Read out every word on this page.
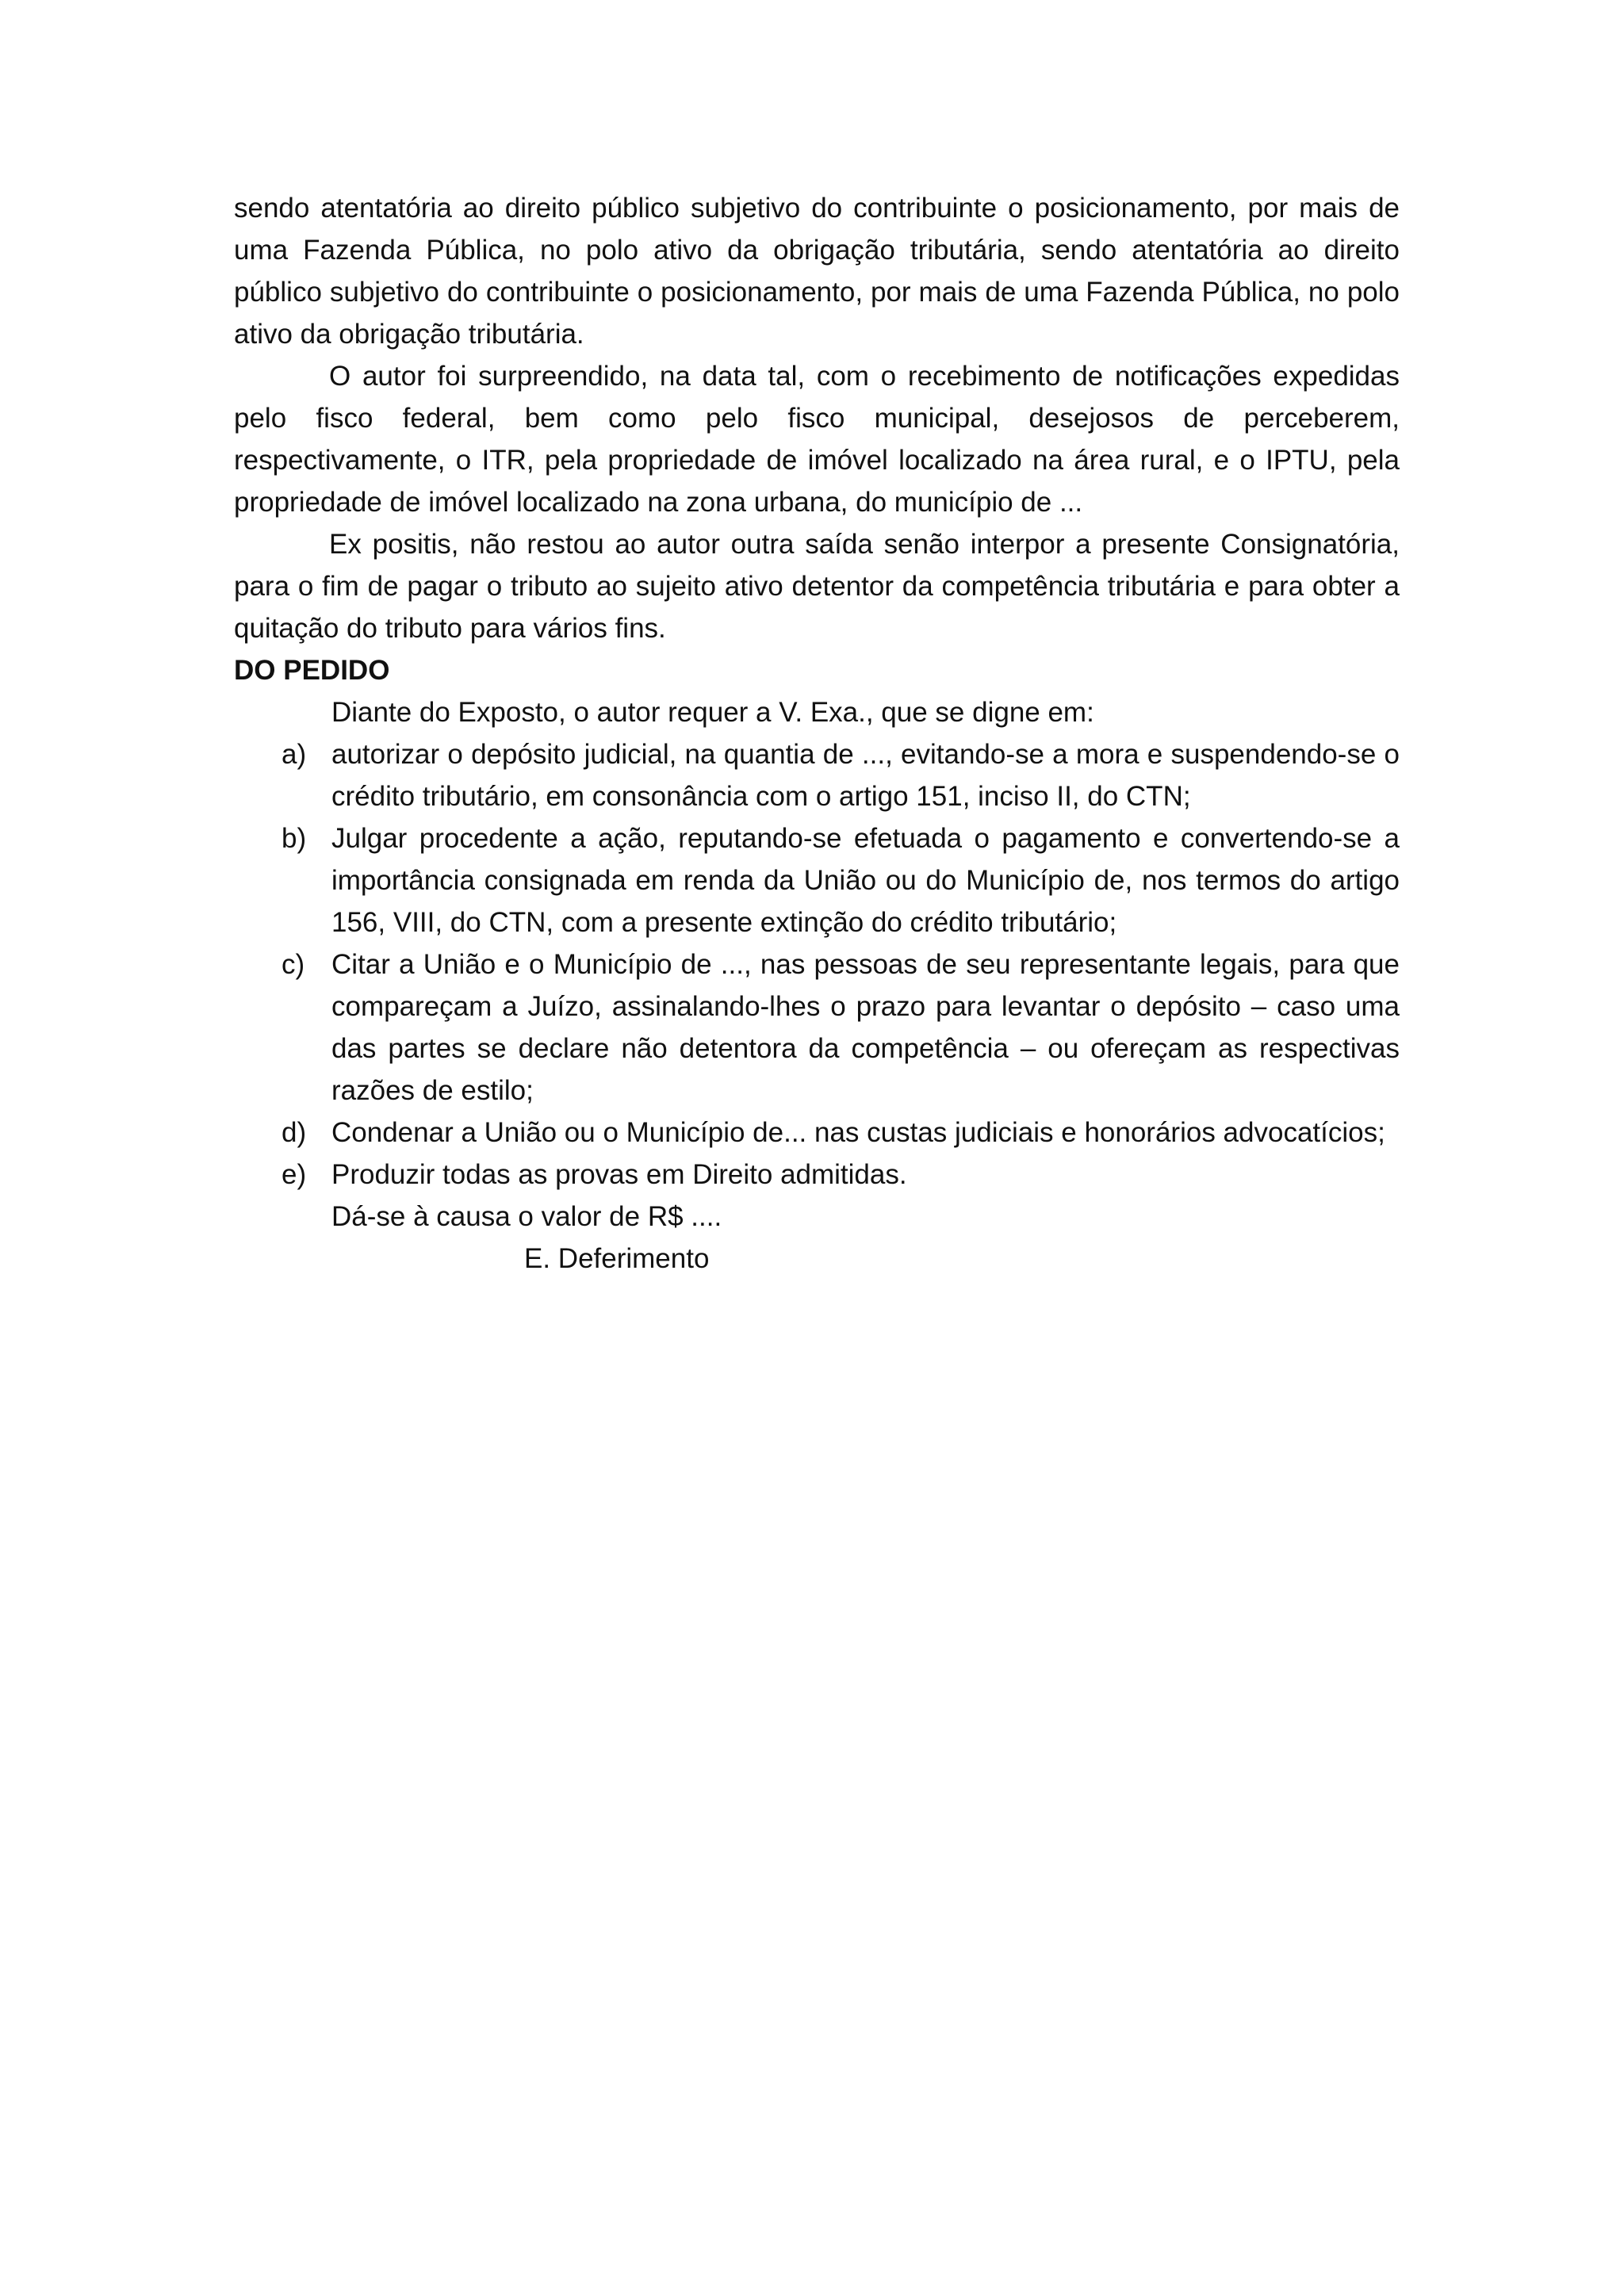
sendo atentatória ao direito público subjetivo do contribuinte o posicionamento, por mais de uma Fazenda Pública, no polo ativo da obrigação tributária, sendo atentatória ao direito público subjetivo do contribuinte o posicionamento, por mais de uma Fazenda Pública, no polo ativo da obrigação tributária.

O autor foi surpreendido, na data tal, com o recebimento de notificações expedidas pelo fisco federal, bem como pelo fisco municipal, desejosos de perceberem, respectivamente, o ITR, pela propriedade de imóvel localizado na área rural, e o IPTU, pela propriedade de imóvel localizado na zona urbana, do município de ...

Ex positis, não restou ao autor outra saída senão interpor a presente Consignatória, para o fim de pagar o tributo ao sujeito ativo detentor da competência tributária e para obter a quitação do tributo para vários fins.

DO PEDIDO

Diante do Exposto, o autor requer a V. Exa., que se digne em:

a) autorizar o depósito judicial, na quantia de ..., evitando-se a mora e suspendendo-se o crédito tributário, em consonância com o artigo 151, inciso II, do CTN;
b) Julgar procedente a ação, reputando-se efetuada o pagamento e convertendo-se a importância consignada em renda da União ou do Município de, nos termos do artigo 156, VIII, do CTN, com a presente extinção do crédito tributário;
c) Citar a União e o Município de ..., nas pessoas de seu representante legais, para que compareçam a Juízo, assinalando-lhes o prazo para levantar o depósito – caso uma das partes se declare não detentora da competência – ou ofereçam as respectivas razões de estilo;
d) Condenar a União ou o Município de... nas custas judiciais e honorários advocatícios;
e) Produzir todas as provas em Direito admitidas.

Dá-se à causa o valor de R$ ....

E. Deferimento
